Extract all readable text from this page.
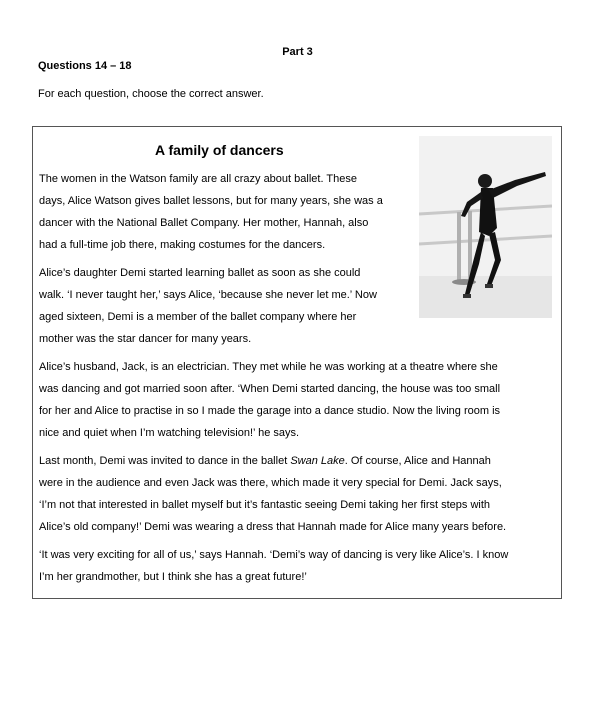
Part 3
Questions 14 – 18
For each question, choose the correct answer.
A family of dancers
The women in the Watson family are all crazy about ballet. These
days, Alice Watson gives ballet lessons, but for many years, she was a
dancer with the National Ballet Company. Her mother, Hannah, also
had a full-time job there, making costumes for the dancers.
Alice’s daughter Demi started learning ballet as soon as she could
walk. ‘I never taught her,’ says Alice, ‘because she never let me.’ Now
aged sixteen, Demi is a member of the ballet company where her
mother was the star dancer for many years.
Alice’s husband, Jack, is an electrician. They met while he was working at a theatre where she
was dancing and got married soon after. ‘When Demi started dancing, the house was too small
for her and Alice to practise in so I made the garage into a dance studio. Now the living room is
nice and quiet when I’m watching television!’ he says.
Last month, Demi was invited to dance in the ballet Swan Lake. Of course, Alice and Hannah
were in the audience and even Jack was there, which made it very special for Demi. Jack says,
‘I’m not that interested in ballet myself but it’s fantastic seeing Demi taking her first steps with
Alice’s old company!’ Demi was wearing a dress that Hannah made for Alice many years before.
‘It was very exciting for all of us,’ says Hannah. ‘Demi’s way of dancing is very like Alice’s. I know
I’m her grandmother, but I think she has a great future!’
